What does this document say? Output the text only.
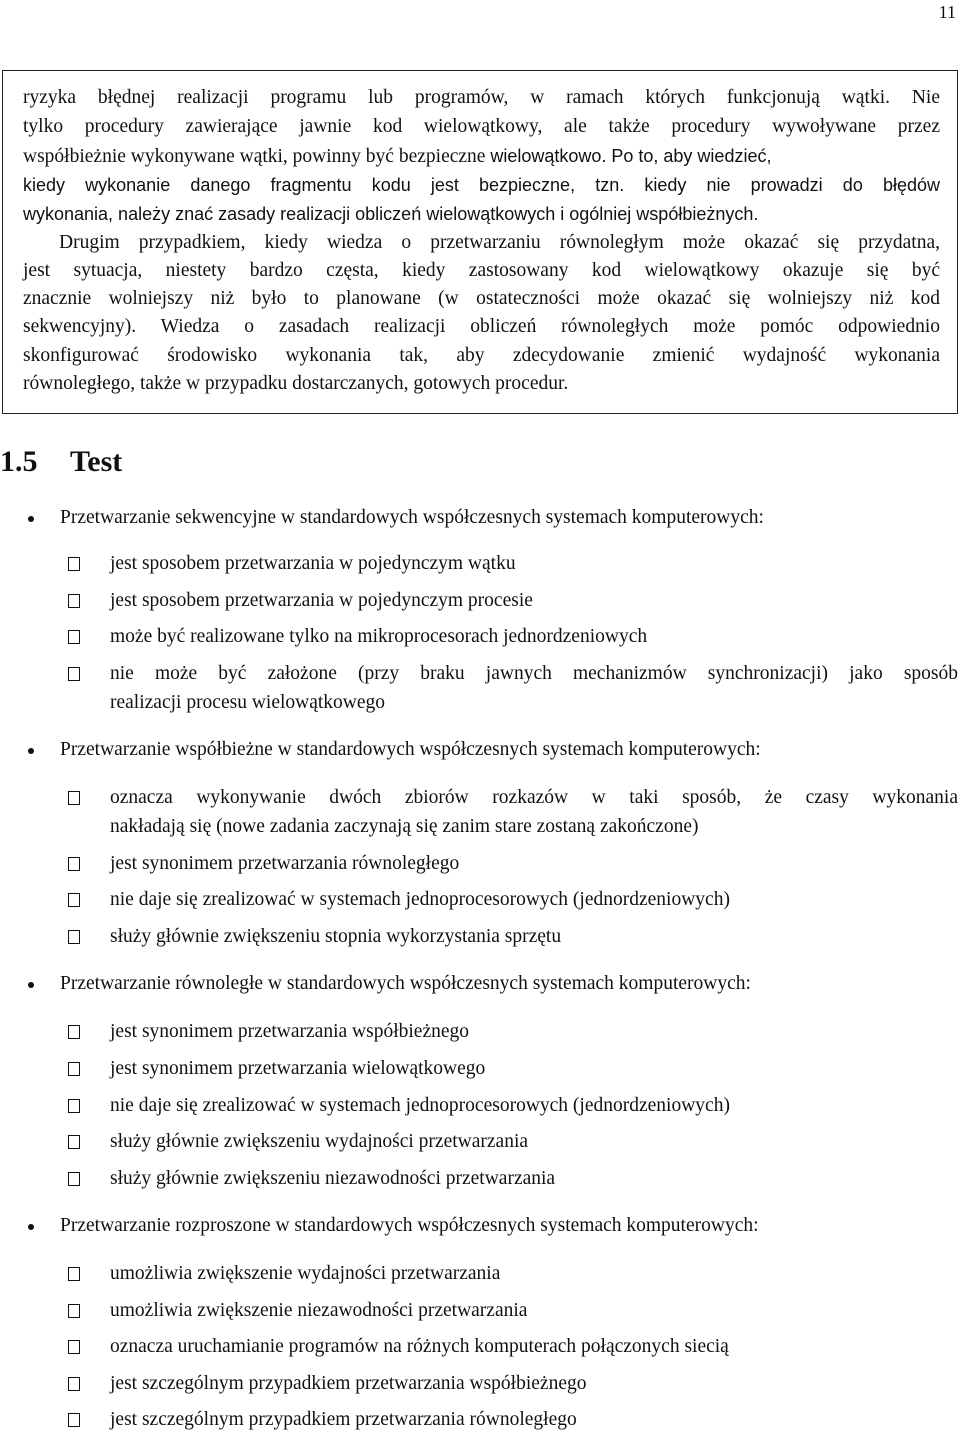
11
ryzyka błędnej realizacji programu lub programów, w ramach których funkcjonują wątki. Nie
tylko procedury zawierające jawnie kod wielowątkowy, ale także procedury wywoływane przez
współbieżnie wykonywane wątki, powinny być bezpieczne wielowątkowo. Po to, aby wiedzieć,
kiedy wykonanie danego fragmentu kodu jest bezpieczne, tzn. kiedy nie prowadzi do błędów
wykonania, należy znać zasady realizacji obliczeń wielowątkowych i ogólniej współbieżnych.
Drugim przypadkiem, kiedy wiedza o przetwarzaniu równoległym może okazać się przydatna,
jest sytuacja, niestety bardzo częsta, kiedy zastosowany kod wielowątkowy okazuje się być
znacznie wolniejszy niż było to planowane (w ostateczności może okazać się wolniejszy niż kod
sekwencyjny). Wiedza o zasadach realizacji obliczeń równoległych może pomóc odpowiednio
skonfigurować środowisko wykonania tak, aby zdecydowanie zmienić wydajność wykonania
równoległego, także w przypadku dostarczanych, gotowych procedur.
1.5 Test
Przetwarzanie sekwencyjne w standardowych współczesnych systemach komputerowych:
jest sposobem przetwarzania w pojedynczym wątku
jest sposobem przetwarzania w pojedynczym procesie
może być realizowane tylko na mikroprocesorach jednordzeniowych
nie może być założone (przy braku jawnych mechanizmów synchronizacji) jako sposób
realizacji procesu wielowątkowego
Przetwarzanie współbieżne w standardowych współczesnych systemach komputerowych:
oznacza wykonywanie dwóch zbiorów rozkazów w taki sposób, że czasy wykonania
nakładają się (nowe zadania zaczynają się zanim stare zostaną zakończone)
jest synonimem przetwarzania równoległego
nie daje się zrealizować w systemach jednoprocesorowych (jednordzeniowych)
służy głównie zwiększeniu stopnia wykorzystania sprzętu
Przetwarzanie równoległe w standardowych współczesnych systemach komputerowych:
jest synonimem przetwarzania współbieżnego
jest synonimem przetwarzania wielowątkowego
nie daje się zrealizować w systemach jednoprocesorowych (jednordzeniowych)
służy głównie zwiększeniu wydajności przetwarzania
służy głównie zwiększeniu niezawodności przetwarzania
Przetwarzanie rozproszone w standardowych współczesnych systemach komputerowych:
umożliwia zwiększenie wydajności przetwarzania
umożliwia zwiększenie niezawodności przetwarzania
oznacza uruchamianie programów na różnych komputerach połączonych siecią
jest szczególnym przypadkiem przetwarzania współbieżnego
jest szczególnym przypadkiem przetwarzania równoległego
